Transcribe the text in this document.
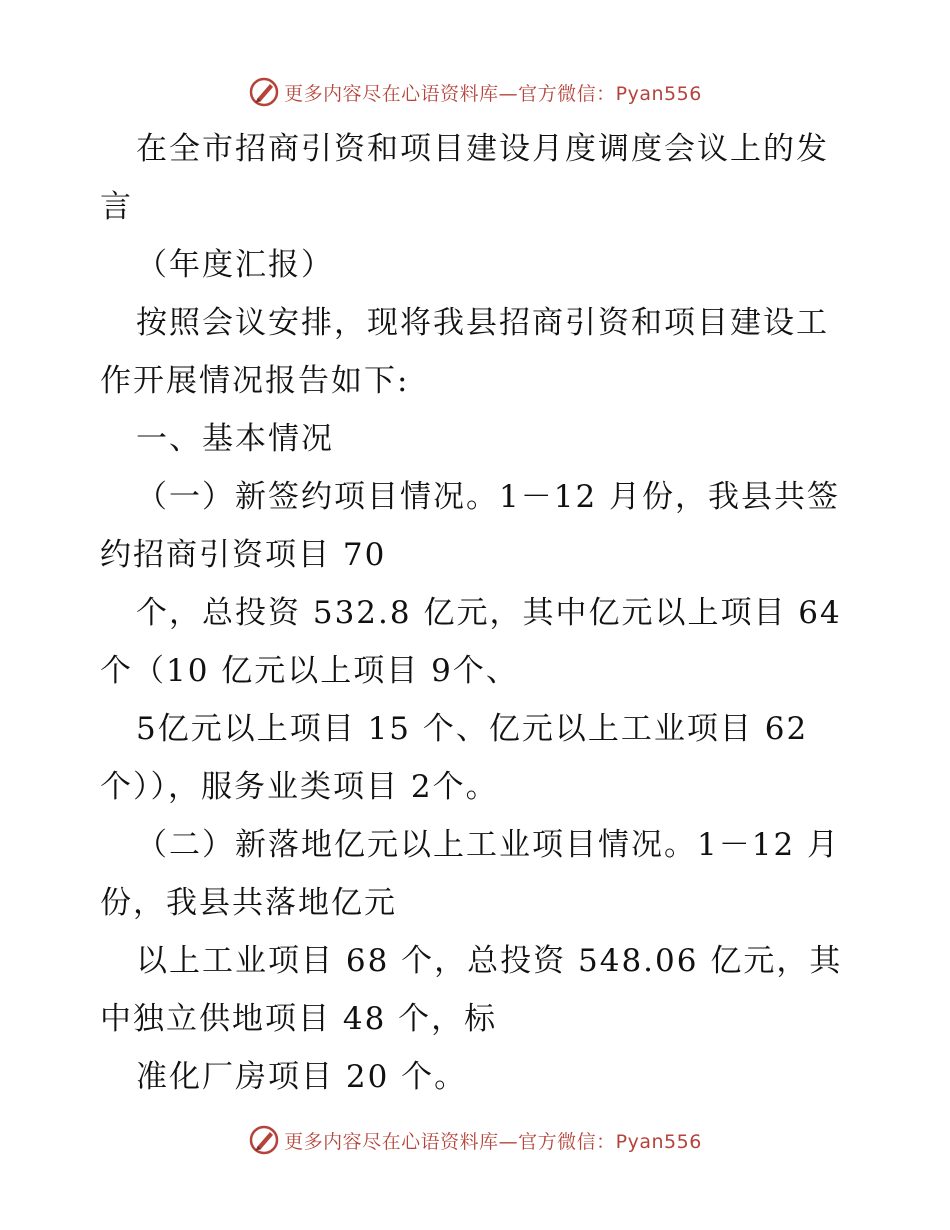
更多内容尽在心语资料库—官方微信：Pyan556
在全市招商引资和项目建设月度调度会议上的发
言
（年度汇报）
按照会议安排，现将我县招商引资和项目建设工
作开展情况报告如下:
一、基本情况
（一）新签约项目情况。1－12 月份，我县共签
约招商引资项目 70
个，总投资 532.8 亿元，其中亿元以上项目 64
个（10 亿元以上项目 9个、
5亿元以上项目 15 个、亿元以上工业项目 62
个）），服务业类项目 2个。
（二）新落地亿元以上工业项目情况。1－12 月
份，我县共落地亿元
以上工业项目 68 个，总投资 548.06 亿元，其
中独立供地项目 48 个，标
准化厂房项目 20 个。
更多内容尽在心语资料库—官方微信：Pyan556
